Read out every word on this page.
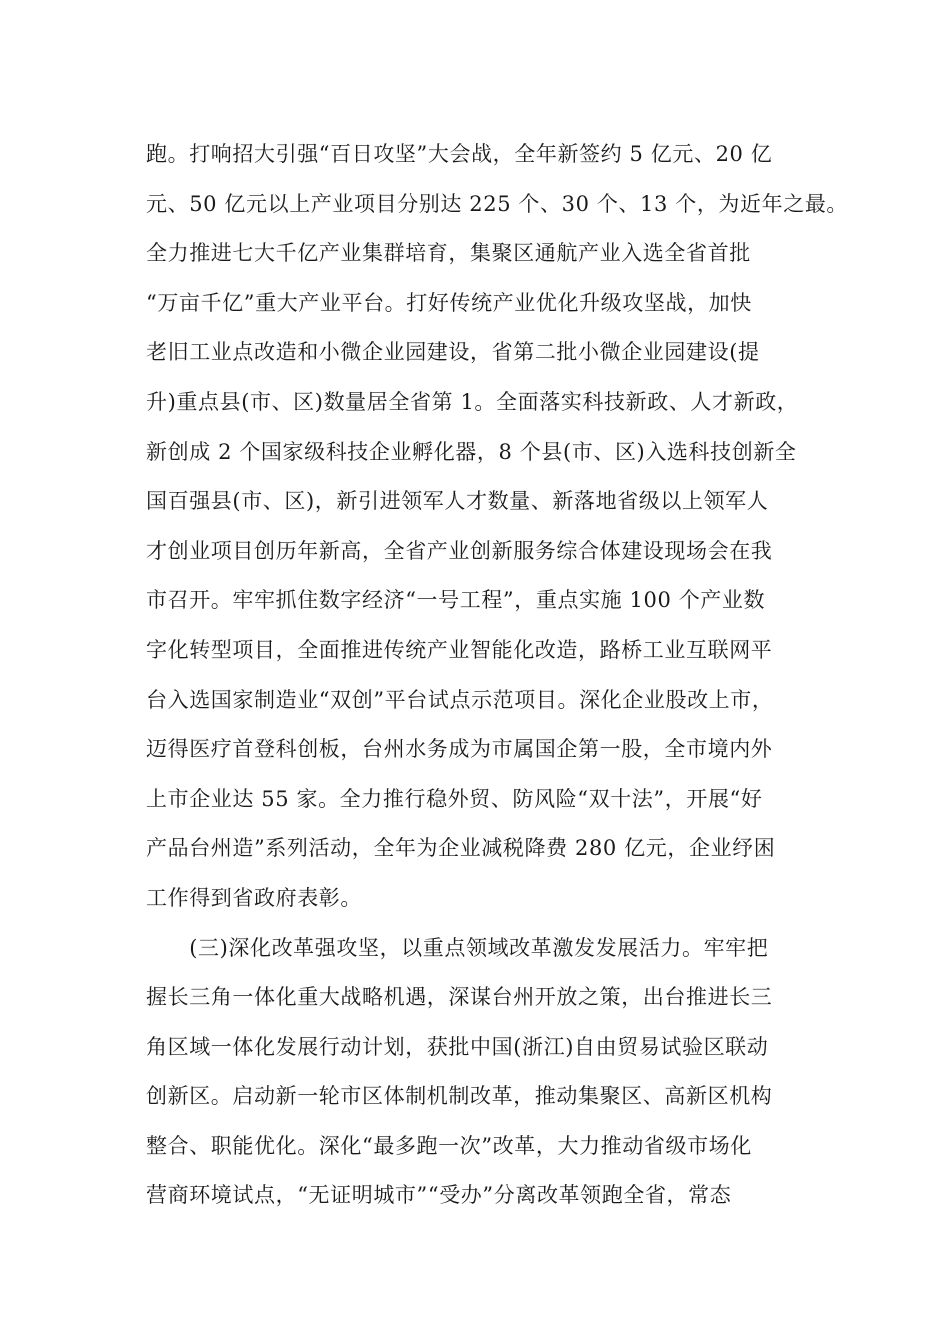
跑。打响招大引强“百日攻坚”大会战，全年新签约 5 亿元、20 亿
元、50 亿元以上产业项目分别达 225 个、30 个、13 个，为近年之最。
全力推进七大千亿产业集群培育，集聚区通航产业入选全省首批
“万亩千亿”重大产业平台。打好传统产业优化升级攻坚战，加快
老旧工业点改造和小微企业园建设，省第二批小微企业园建设(提
升)重点县(市、区)数量居全省第 1。全面落实科技新政、人才新政，
新创成 2 个国家级科技企业孵化器，8 个县(市、区)入选科技创新全
国百强县(市、区)，新引进领军人才数量、新落地省级以上领军人
才创业项目创历年新高，全省产业创新服务综合体建设现场会在我
市召开。牢牢抓住数字经济“一号工程”，重点实施 100 个产业数
字化转型项目，全面推进传统产业智能化改造，路桥工业互联网平
台入选国家制造业“双创”平台试点示范项目。深化企业股改上市，
迈得医疗首登科创板，台州水务成为市属国企第一股，全市境内外
上市企业达 55 家。全力推行稳外贸、防风险“双十法”，开展“好
产品台州造”系列活动，全年为企业减税降费 280 亿元，企业纾困
工作得到省政府表彰。
　　(三)深化改革强攻坚，以重点领域改革激发发展活力。牢牢把
握长三角一体化重大战略机遇，深谋台州开放之策，出台推进长三
角区域一体化发展行动计划，获批中国(浙江)自由贸易试验区联动
创新区。启动新一轮市区体制机制改革，推动集聚区、高新区机构
整合、职能优化。深化“最多跑一次”改革，大力推动省级市场化
营商环境试点，“无证明城市”“受办”分离改革领跑全省，常态
